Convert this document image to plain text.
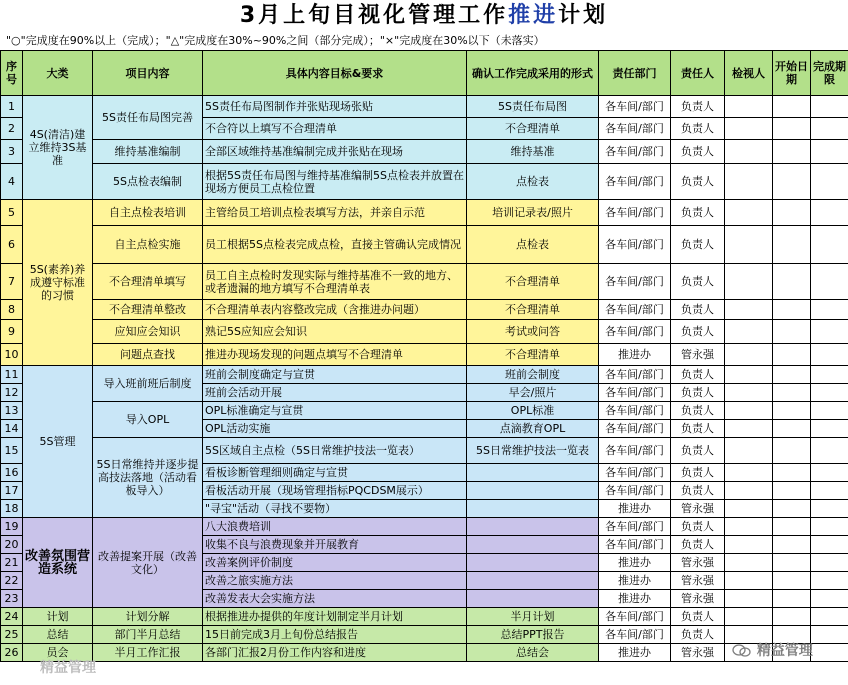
3月上旬目视化管理工作推进计划
"○"完成度在90%以上（完成）；"△"完成度在30%~90%之间（部分完成）；"×"完成度在30%以下（未落实）
序号	大类	项目内容	具体内容目标&要求	确认工作完成采用的形式	责任部门	责任人	检视人	开始日期	完成期限
1	4S(清洁)建立维持3S基准	5S责任布局图完善	5S责任布局图制作并张贴现场张贴	5S责任布局图	各车间/部门	负责人			
2			不合符以上填写不合理清单	不合理清单	各车间/部门	负责人			
3		维持基准编制	全部区域维持基准编制完成并张贴在现场	维持基准	各车间/部门	负责人			
4		5S点检表编制	根据5S责任布局图与维持基准编制5S点检表并放置在现场方便员工点检位置	点检表	各车间/部门	负责人			
5	5S(素养)养成遵守标准的习惯	自主点检表培训	主管给员工培训点检表填写方法，并亲自示范	培训记录表/照片	各车间/部门	负责人			
6		自主点检实施	员工根据5S点检表完成点检，直接主管确认完成情况	点检表	各车间/部门	负责人			
7		不合理清单填写	员工自主点检时发现实际与维持基准不一致的地方、或者遗漏的地方填写不合理清单表	不合理清单	各车间/部门	负责人			
8		不合理清单整改	不合理清单表内容整改完成（含推进办问题）	不合理清单	各车间/部门	负责人			
9		应知应会知识	熟记5S应知应会知识	考试或问答	各车间/部门	负责人			
10		问题点查找	推进办现场发现的问题点填写不合理清单	不合理清单	推进办	管永强			
11	5S管理	导入班前班后制度	班前会制度确定与宣贯	班前会制度	各车间/部门	负责人			
12			班前会活动开展	早会/照片	各车间/部门	负责人			
13		导入OPL	OPL标准确定与宣贯	OPL标准	各车间/部门	负责人			
14			OPL活动实施	点滴教育OPL	各车间/部门	负责人			
15		5S日常维持并逐步提高技法落地（活动看板导入）	5S区域自主点检（5S日常维护技法一览表）	5S日常维护技法一览表	各车间/部门	负责人			
16			看板诊断管理细则确定与宣贯		各车间/部门	负责人			
17			看板活动开展（现场管理指标PQCDSM展示）		各车间/部门	负责人			
18			"寻宝"活动（寻找不要物）		推进办	管永强			
19	改善氛围营造系统	改善提案开展（改善文化）	八大浪费培训		各车间/部门	负责人			
20			收集不良与浪费现象并开展教育		各车间/部门	负责人			
21			改善案例评价制度		推进办	管永强			
22			改善之旅实施方法		推进办	管永强			
23			改善发表大会实施方法		推进办	管永强			
24	计划	计划分解	根据推进办提供的年度计划制定半月计划	半月计划	各车间/部门	负责人			
25	总结	部门半月总结	15日前完成3月上旬份总结报告	总结PPT报告	各车间/部门	负责人			
26	员会	半月工作汇报	各部门汇报2月份工作内容和进度	总结会	推进办	管永强			
精益管理
精益管理
